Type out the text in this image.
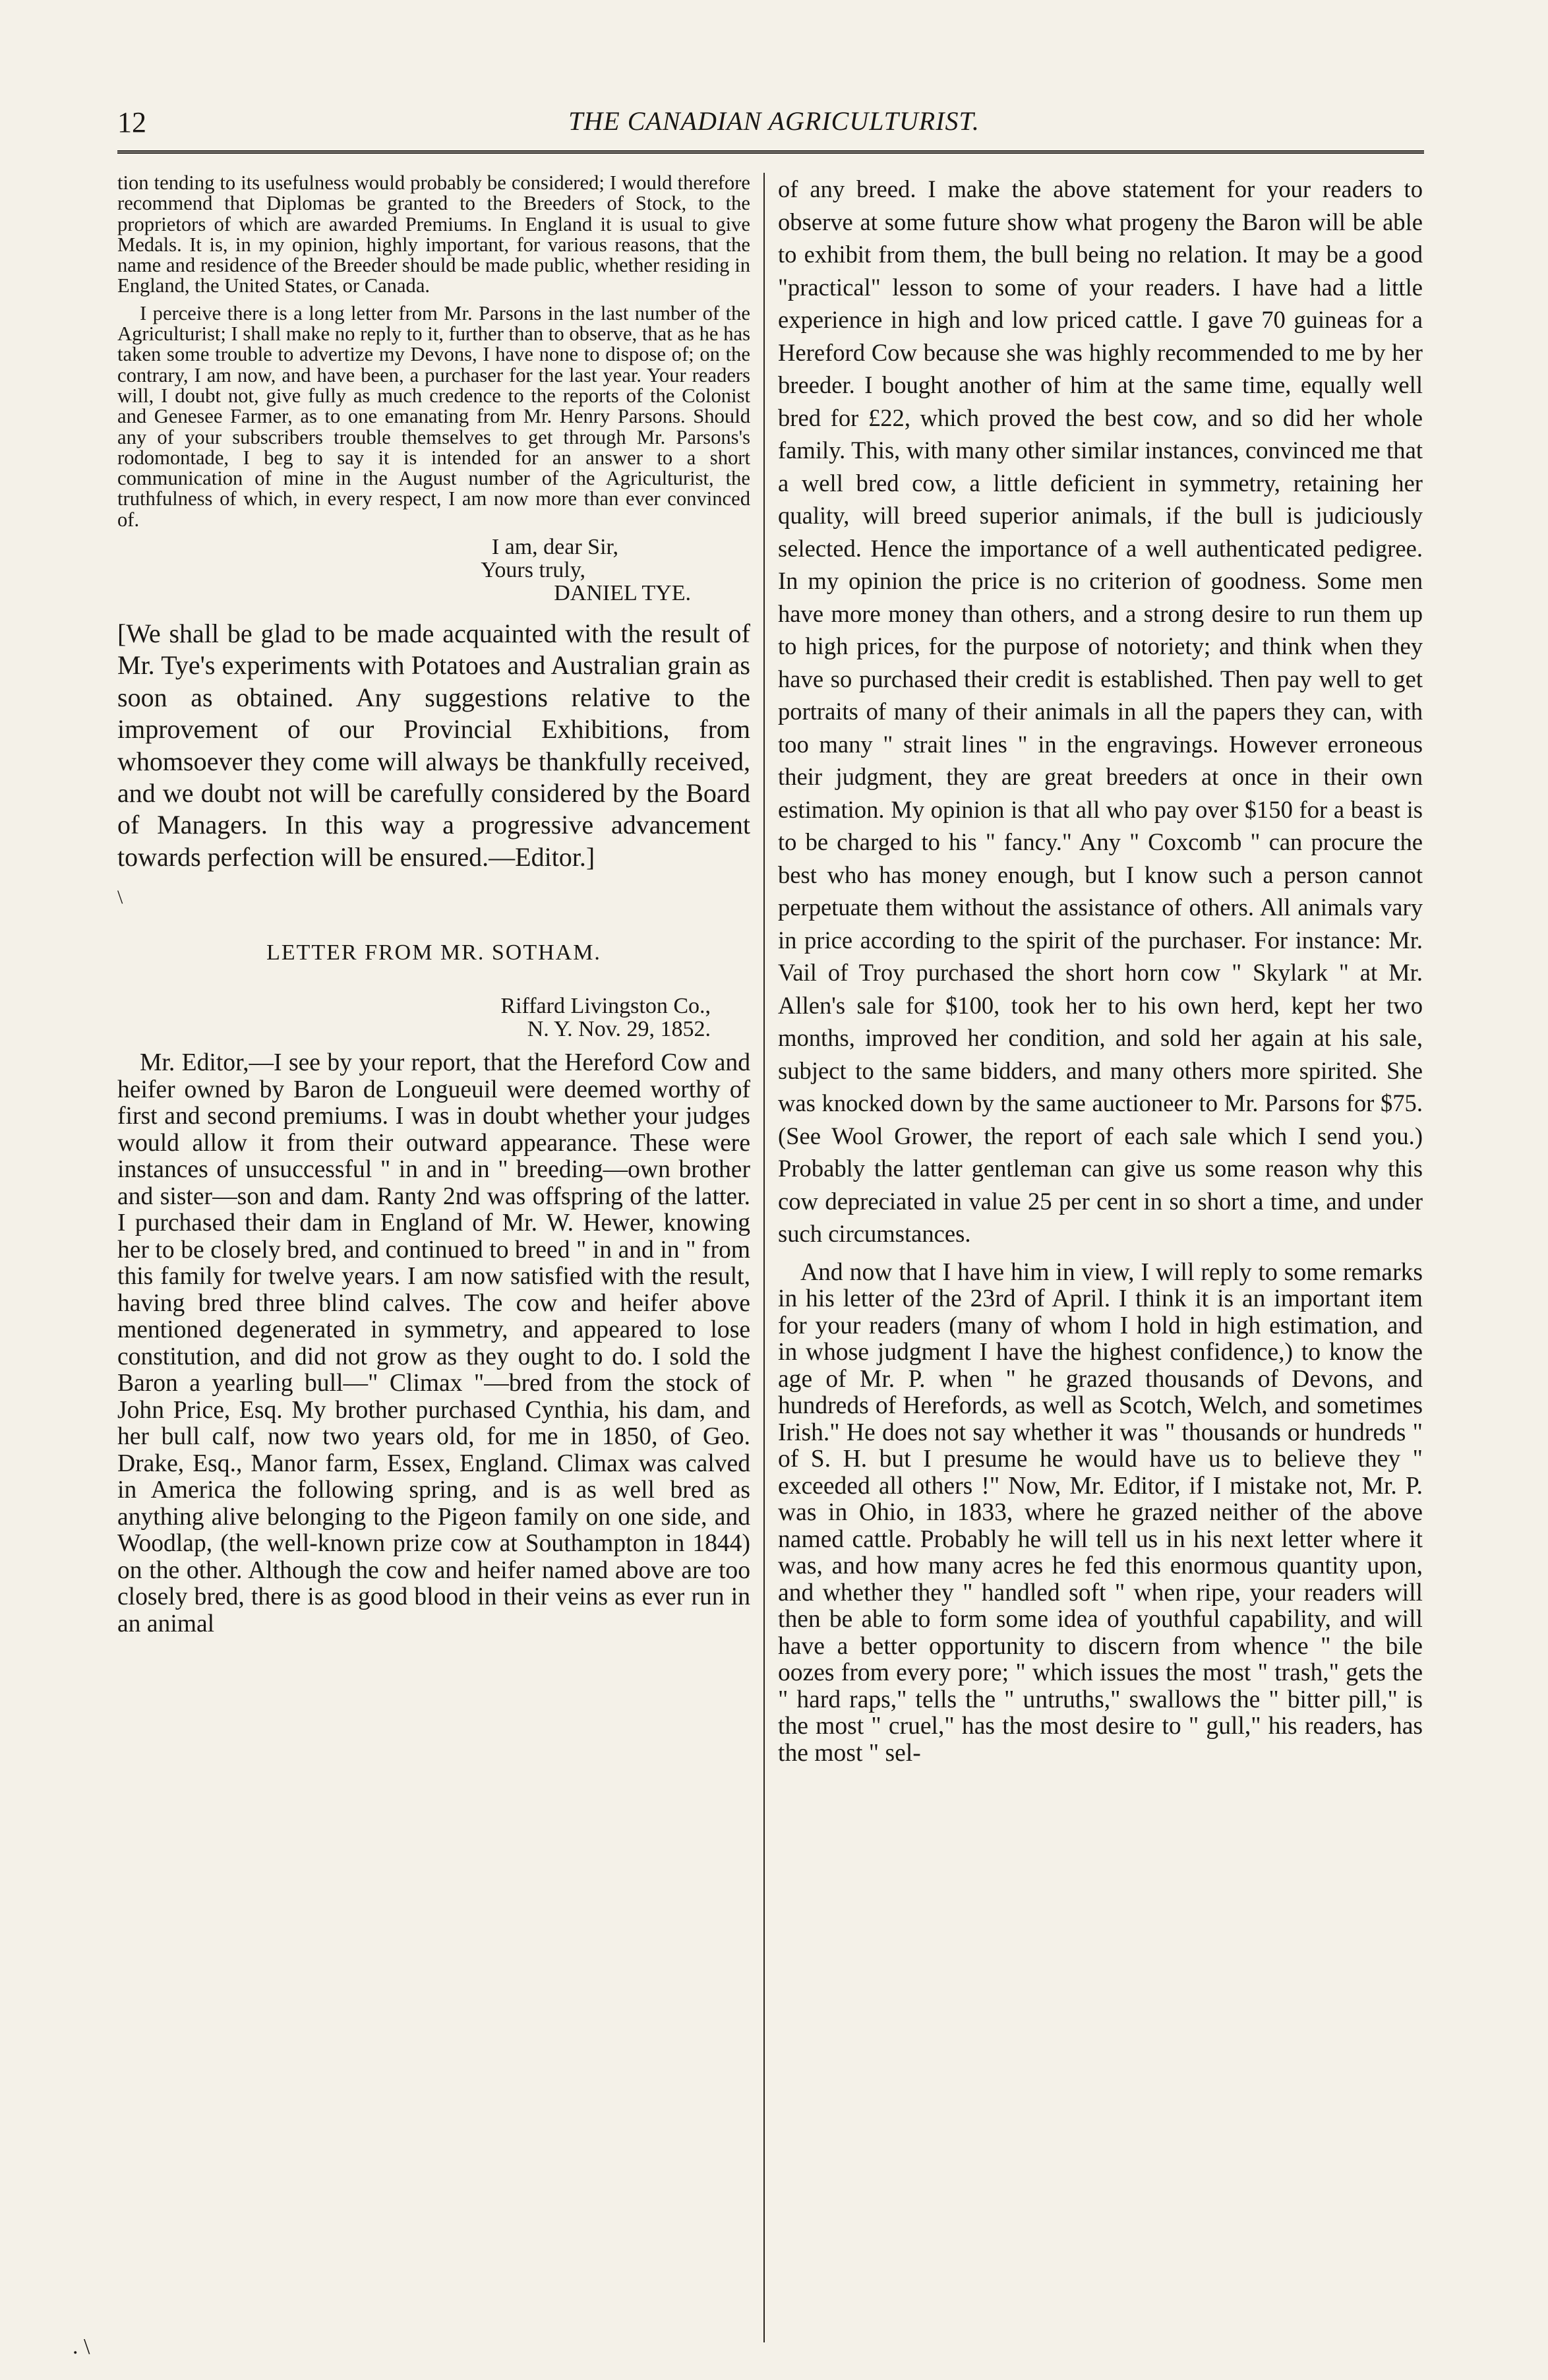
12	THE CANADIAN AGRICULTURIST.

tion tending to its usefulness would probably be considered; I would therefore recommend that Diplomas be granted to the Breeders of Stock, to the proprietors of which are awarded Premiums. In England it is usual to give Medals. It is, in my opinion, highly important, for various reasons, that the name and residence of the Breeder should be made public, whether residing in England, the United States, or Canada.

I perceive there is a long letter from Mr. Parsons in the last number of the Agriculturist; I shall make no reply to it, further than to observe, that as he has taken some trouble to advertize my Devons, I have none to dispose of; on the contrary, I am now, and have been, a purchaser for the last year. Your readers will, I doubt not, give fully as much credence to the reports of the Colonist and Genesee Farmer, as to one emanating from Mr. Henry Parsons. Should any of your subscribers trouble themselves to get through Mr. Parsons's rodomontade, I beg to say it is intended for an answer to a short communication of mine in the August number of the Agriculturist, the truthfulness of which, in every respect, I am now more than ever convinced of.

I am, dear Sir,

Yours truly,

DANIEL TYE.

[We shall be glad to be made acquainted with the result of Mr. Tye's experiments with Potatoes and Australian grain as soon as obtained. Any suggestions relative to the improvement of our Provincial Exhibitions, from whomsoever they come will always be thankfully received, and we doubt not will be carefully considered by the Board of Managers. In this way a progressive advancement towards perfection will be ensured.—Editor.]

\

LETTER FROM MR. SOTHAM.

Riffard Livingston Co.,

N. Y. Nov. 29, 1852.

Mr. Editor,—I see by your report, that the Hereford Cow and heifer owned by Baron de Longueuil were deemed worthy of first and second premiums. I was in doubt whether your judges would allow it from their outward appearance. These were instances of unsuccessful " in and in " breeding—own brother and sister—son and dam. Ranty 2nd was offspring of the latter. I purchased their dam in England of Mr. W. Hewer, knowing her to be closely bred, and continued to breed " in and in " from this family for twelve years. I am now satisfied with the result, having bred three blind calves. The cow and heifer above mentioned degenerated in symmetry, and appeared to lose constitution, and did not grow as they ought to do. I sold the Baron a yearling bull—" Climax "—bred from the stock of John Price, Esq. My brother purchased Cynthia, his dam, and her bull calf, now two years old, for me in 1850, of Geo. Drake, Esq., Manor farm, Essex, England. Climax was calved in America the following spring, and is as well bred as anything alive belonging to the Pigeon family on one side, and Woodlap, (the well-known prize cow at Southampton in 1844) on the other. Although the cow and heifer named above are too closely bred, there is as good blood in their veins as ever run in an animal

of any breed. I make the above statement for your readers to observe at some future show what progeny the Baron will be able to exhibit from them, the bull being no relation. It may be a good "practical" lesson to some of your readers. I have had a little experience in high and low priced cattle. I gave 70 guineas for a Hereford Cow because she was highly recommended to me by her breeder. I bought another of him at the same time, equally well bred for £22, which proved the best cow, and so did her whole family. This, with many other similar instances, convinced me that a well bred cow, a little deficient in symmetry, retaining her quality, will breed superior animals, if the bull is judiciously selected. Hence the importance of a well authenticated pedigree. In my opinion the price is no criterion of goodness. Some men have more money than others, and a strong desire to run them up to high prices, for the purpose of notoriety; and think when they have so purchased their credit is established. Then pay well to get portraits of many of their animals in all the papers they can, with too many " strait lines " in the engravings. However erroneous their judgment, they are great breeders at once in their own estimation. My opinion is that all who pay over $150 for a beast is to be charged to his " fancy." Any " Coxcomb " can procure the best who has money enough, but I know such a person cannot perpetuate them without the assistance of others. All animals vary in price according to the spirit of the purchaser. For instance: Mr. Vail of Troy purchased the short horn cow " Skylark " at Mr. Allen's sale for $100, took her to his own herd, kept her two months, improved her condition, and sold her again at his sale, subject to the same bidders, and many others more spirited. She was knocked down by the same auctioneer to Mr. Parsons for $75. (See Wool Grower, the report of each sale which I send you.) Probably the latter gentleman can give us some reason why this cow depreciated in value 25 per cent in so short a time, and under such circumstances.

And now that I have him in view, I will reply to some remarks in his letter of the 23rd of April. I think it is an important item for your readers (many of whom I hold in high estimation, and in whose judgment I have the highest confidence,) to know the age of Mr. P. when " he grazed thousands of Devons, and hundreds of Herefords, as well as Scotch, Welch, and sometimes Irish." He does not say whether it was " thousands or hundreds " of S. H. but I presume he would have us to believe they " exceeded all others !" Now, Mr. Editor, if I mistake not, Mr. P. was in Ohio, in 1833, where he grazed neither of the above named cattle. Probably he will tell us in his next letter where it was, and how many acres he fed this enormous quantity upon, and whether they " handled soft " when ripe, your readers will then be able to form some idea of youthful capability, and will have a better opportunity to discern from whence " the bile oozes from every pore; " which issues the most " trash," gets the " hard raps," tells the " untruths," swallows the " bitter pill," is the most " cruel," has the most desire to " gull," his readers, has the most " sel-

. \
